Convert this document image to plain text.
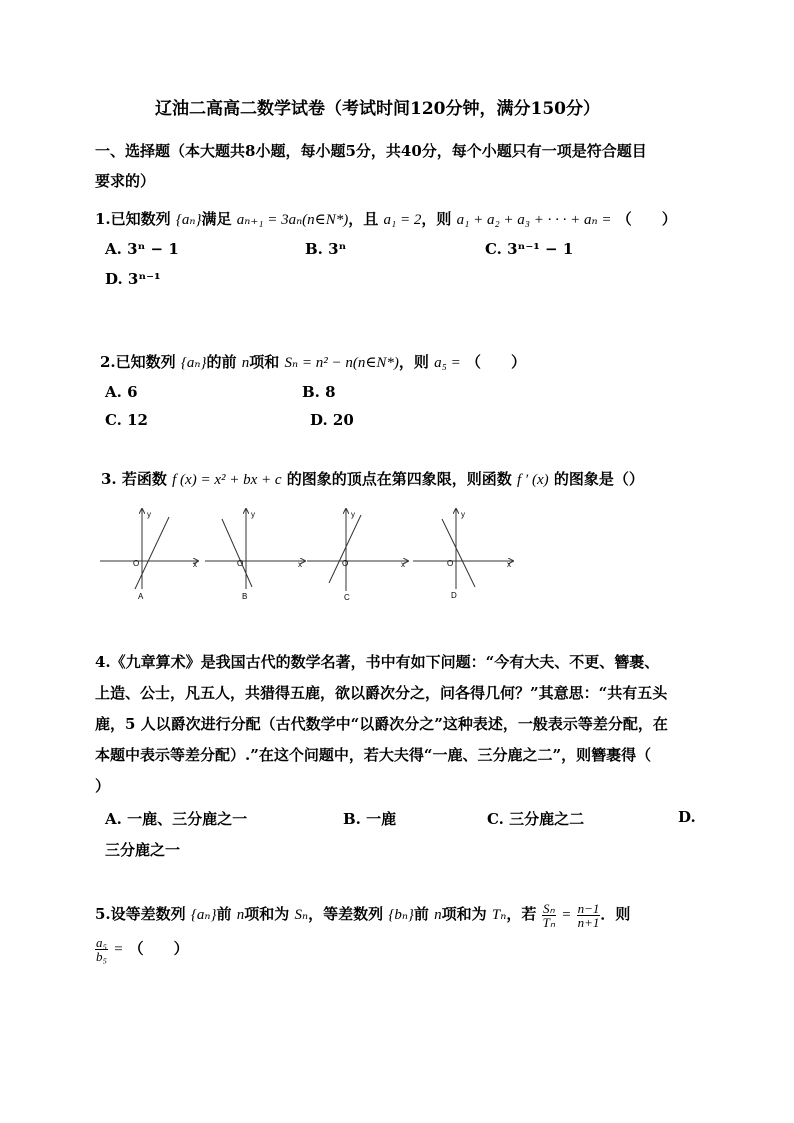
辽油二高高二数学试卷（考试时间120分钟，满分150分）
一、选择题（本大题共8小题，每小题5分，共40分，每个小题只有一项是符合题目
要求的）
1.已知数列 {aₙ}满足 aₙ₊₁ = 3aₙ(n∈N*)，且 a₁ = 2，则 a₁ + a₂ + a₃ + · · · + aₙ = （　　）
A. 3ⁿ − 1	B. 3ⁿ	C. 3ⁿ⁻¹ − 1
D. 3ⁿ⁻¹
2.已知数列 {aₙ}的前 n项和 Sₙ = n² − n(n∈N*)，则 a₅ = （　　）
A. 6	B. 8
C. 12	D. 20
3. 若函数 f (x) = x² + bx + c 的图象的顶点在第四象限，则函数 f ′ (x) 的图象是（）
y
x
O
A
y
x
O
B
y
x
O
C
y
x
O
D
4.《九章算术》是我国古代的数学名著，书中有如下问题：“今有大夫、不更、簪裹、
上造、公士，凡五人，共猎得五鹿，欲以爵次分之，问各得几何？”其意思：“共有五头
鹿，5 人以爵次进行分配（古代数学中“以爵次分之”这种表述，一般表示等差分配，在
本题中表示等差分配）.”在这个问题中，若大夫得“一鹿、三分鹿之二”，则簪裹得（
）
A. 一鹿、三分鹿之一	B. 一鹿	C. 三分鹿之二	D.
三分鹿之一
5.设等差数列 {aₙ}前 n项和为 Sₙ，等差数列 {bₙ}前 n项和为 Tₙ，若 $\frac{\text{Sₙ}}{\text{Tₙ}} = \frac{n-1}{n+1}$ ．则
$\frac{\text{a₅}}{\text{b₅}}$ = （　　）
